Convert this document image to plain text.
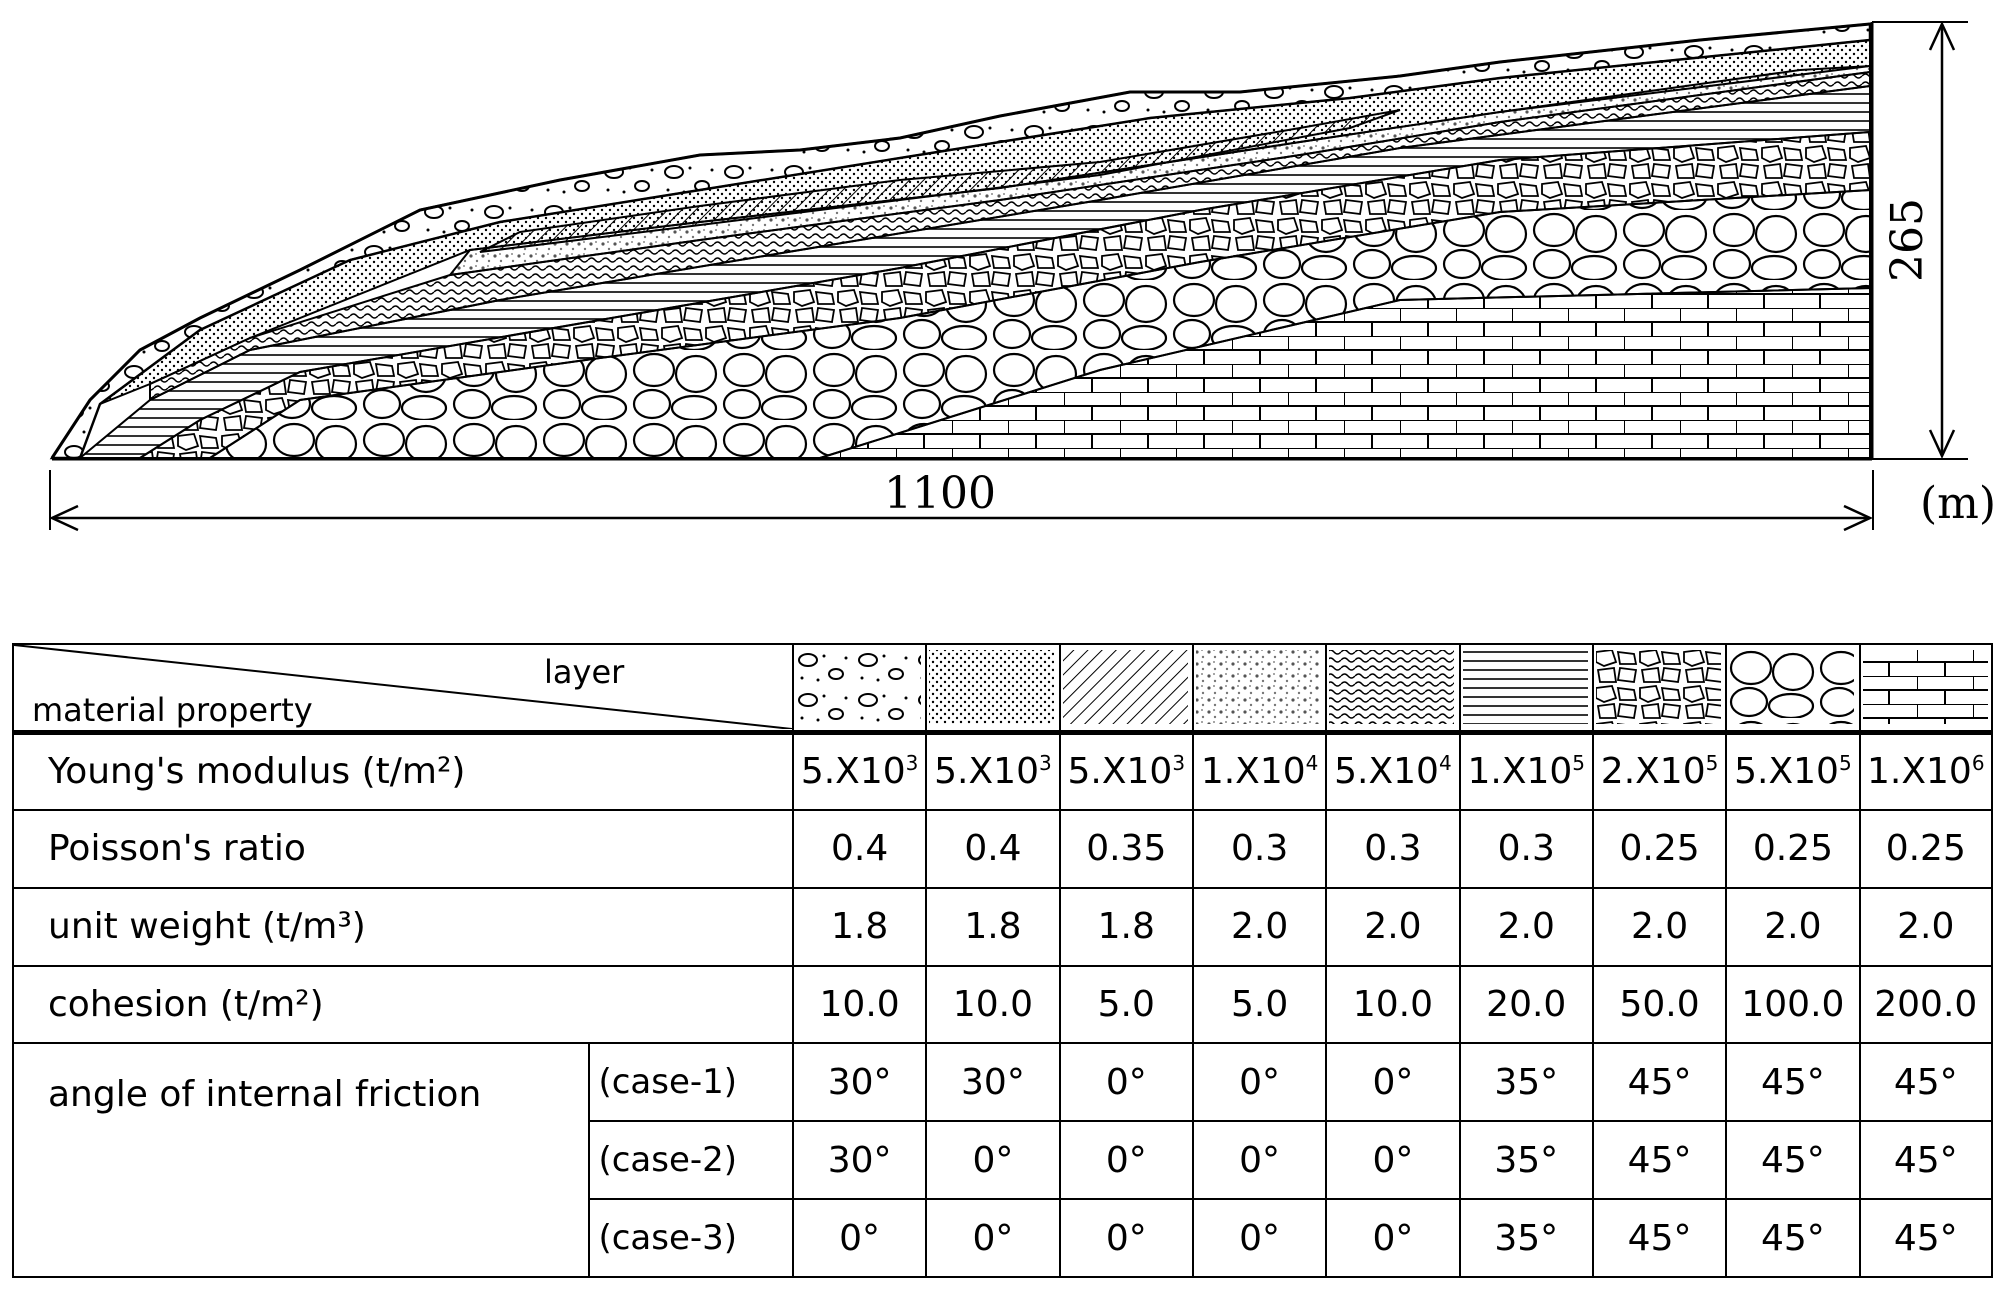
1100	(m)
265
layer
material property

Young's modulus (t/m²)		$5.X10^3$	$5.X10^3$	$5.X10^3$	$1.X10^4$	$5.X10^4$	$1.X10^5$	$2.X10^5$	$5.X10^5$	$1.X10^6$
Poisson's ratio		0.4	0.4	0.35	0.3	0.3	0.3	0.25	0.25	0.25
unit weight (t/m³)		1.8	1.8	1.8	2.0	2.0	2.0	2.0	2.0	2.0
cohesion (t/m²)		10.0	10.0	5.0	5.0	10.0	20.0	50.0	100.0	200.0

angle of internal friction	(case-1)	30°	30°	0°	0°	0°	35°	45°	45°	45°
	(case-2)	30°	0°	0°	0°	0°	35°	45°	45°	45°
	(case-3)	0°	0°	0°	0°	0°	35°	45°	45°	45°
